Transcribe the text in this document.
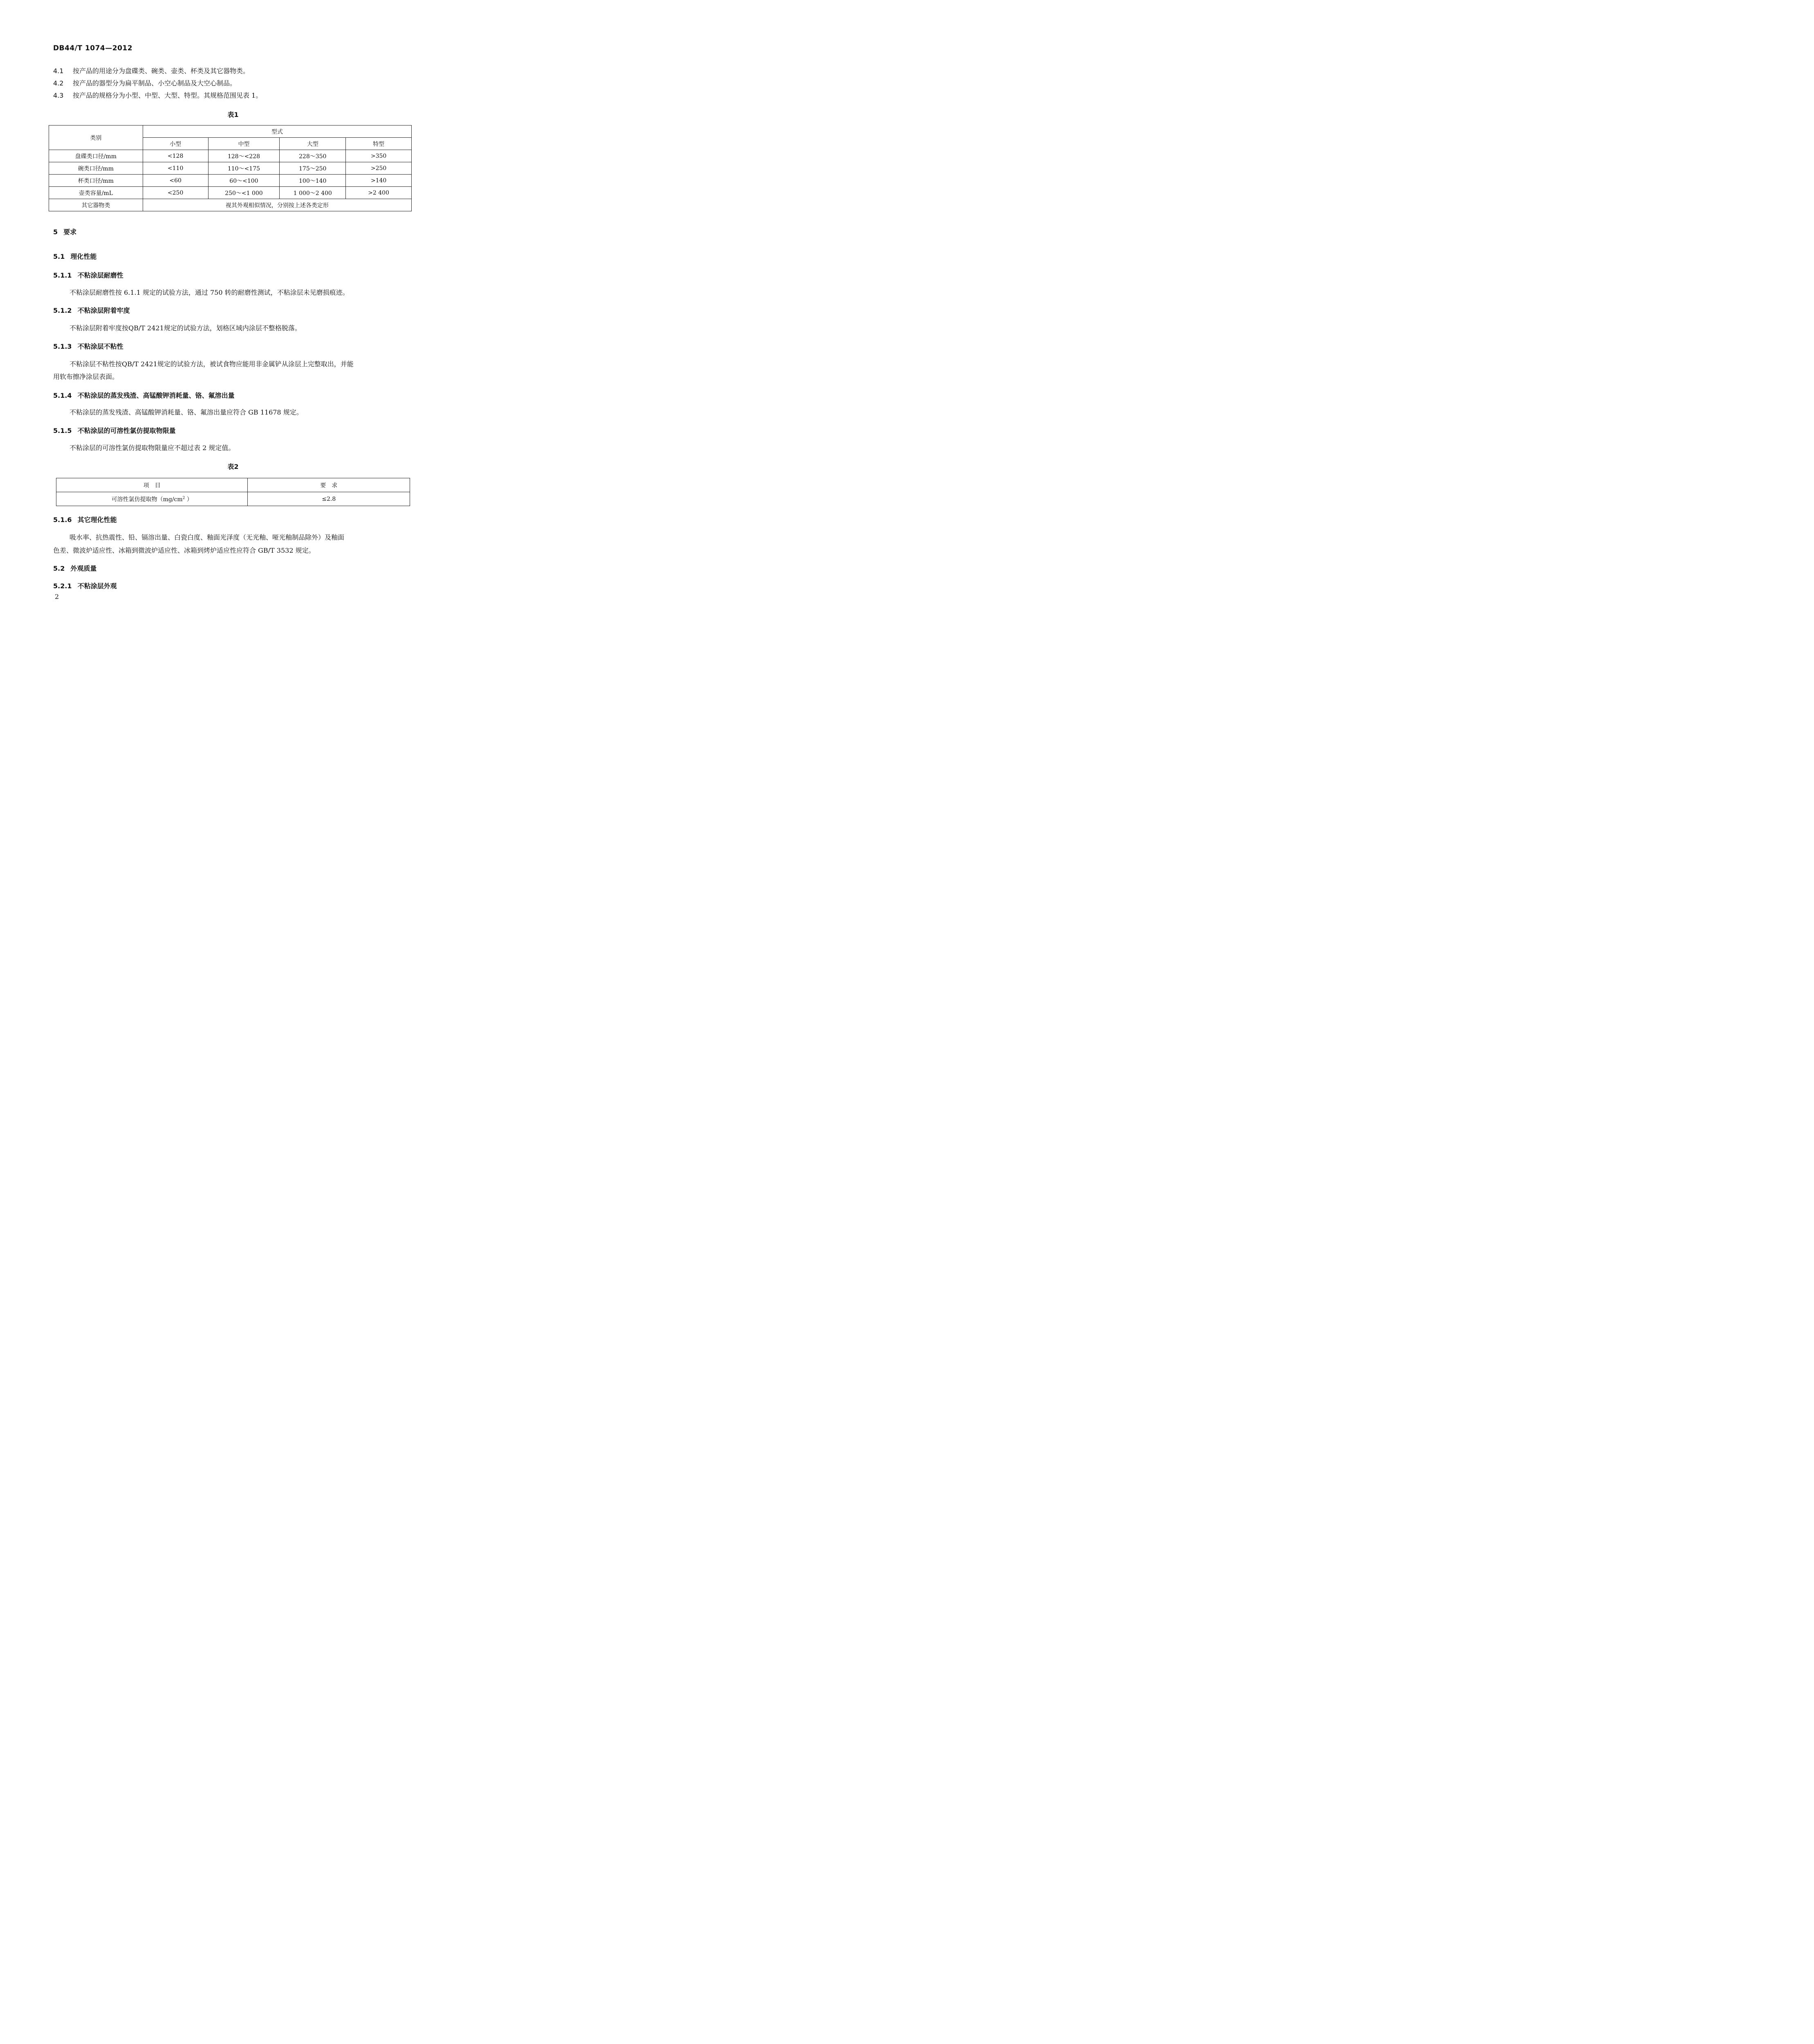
DB44/T 1074—2012
4.1 按产品的用途分为盘碟类、碗类、壶类、杯类及其它器物类。
4.2 按产品的器型分为扁平制品、小空心制品及大空心制品。
4.3 按产品的规格分为小型、中型、大型、特型。其规格范围见表 1。
表1
类别	型式			
	小型	中型	大型	特型
盘碟类口径/mm	<128	128～<228	228～350	>350
碗类口径/mm	<110	110～<175	175～250	>250
杯类口径/mm	<60	60～<100	100～140	>140
壶类容量/mL	<250	250～<1 000	1 000～2 400	>2 400
其它器物类	视其外观相似情况，分别按上述各类定形			
5 要求
5.1 理化性能
5.1.1 不粘涂层耐磨性
不粘涂层耐磨性按 6.1.1 规定的试验方法，通过 750 转的耐磨性测试，不粘涂层未见磨损痕迹。
5.1.2 不粘涂层附着牢度
不粘涂层附着牢度按QB/T 2421规定的试验方法，划格区域内涂层不整格脱落。
5.1.3 不粘涂层不粘性
不粘涂层不粘性按QB/T 2421规定的试验方法，被试食物应能用非金属铲从涂层上完整取出，并能
用软布擦净涂层表面。
5.1.4 不粘涂层的蒸发残渣、高锰酸钾消耗量、铬、氟溶出量
不粘涂层的蒸发残渣、高锰酸钾消耗量、铬、氟溶出量应符合 GB 11678 规定。
5.1.5 不粘涂层的可溶性氯仿提取物限量
不粘涂层的可溶性氯仿提取物限量应不超过表 2 规定值。
表2
项　目	要　求
可溶性氯仿提取物（$mg/cm^2$ ）	≤2.8
5.1.6 其它理化性能
吸水率、抗热震性、铅、镉溶出量、白瓷白度、釉面光泽度（无光釉、哑光釉制品除外）及釉面
色差、微波炉适应性、冰箱到微波炉适应性、冰箱到烤炉适应性应符合 GB/T 3532 规定。
5.2 外观质量
5.2.1 不粘涂层外观
2
